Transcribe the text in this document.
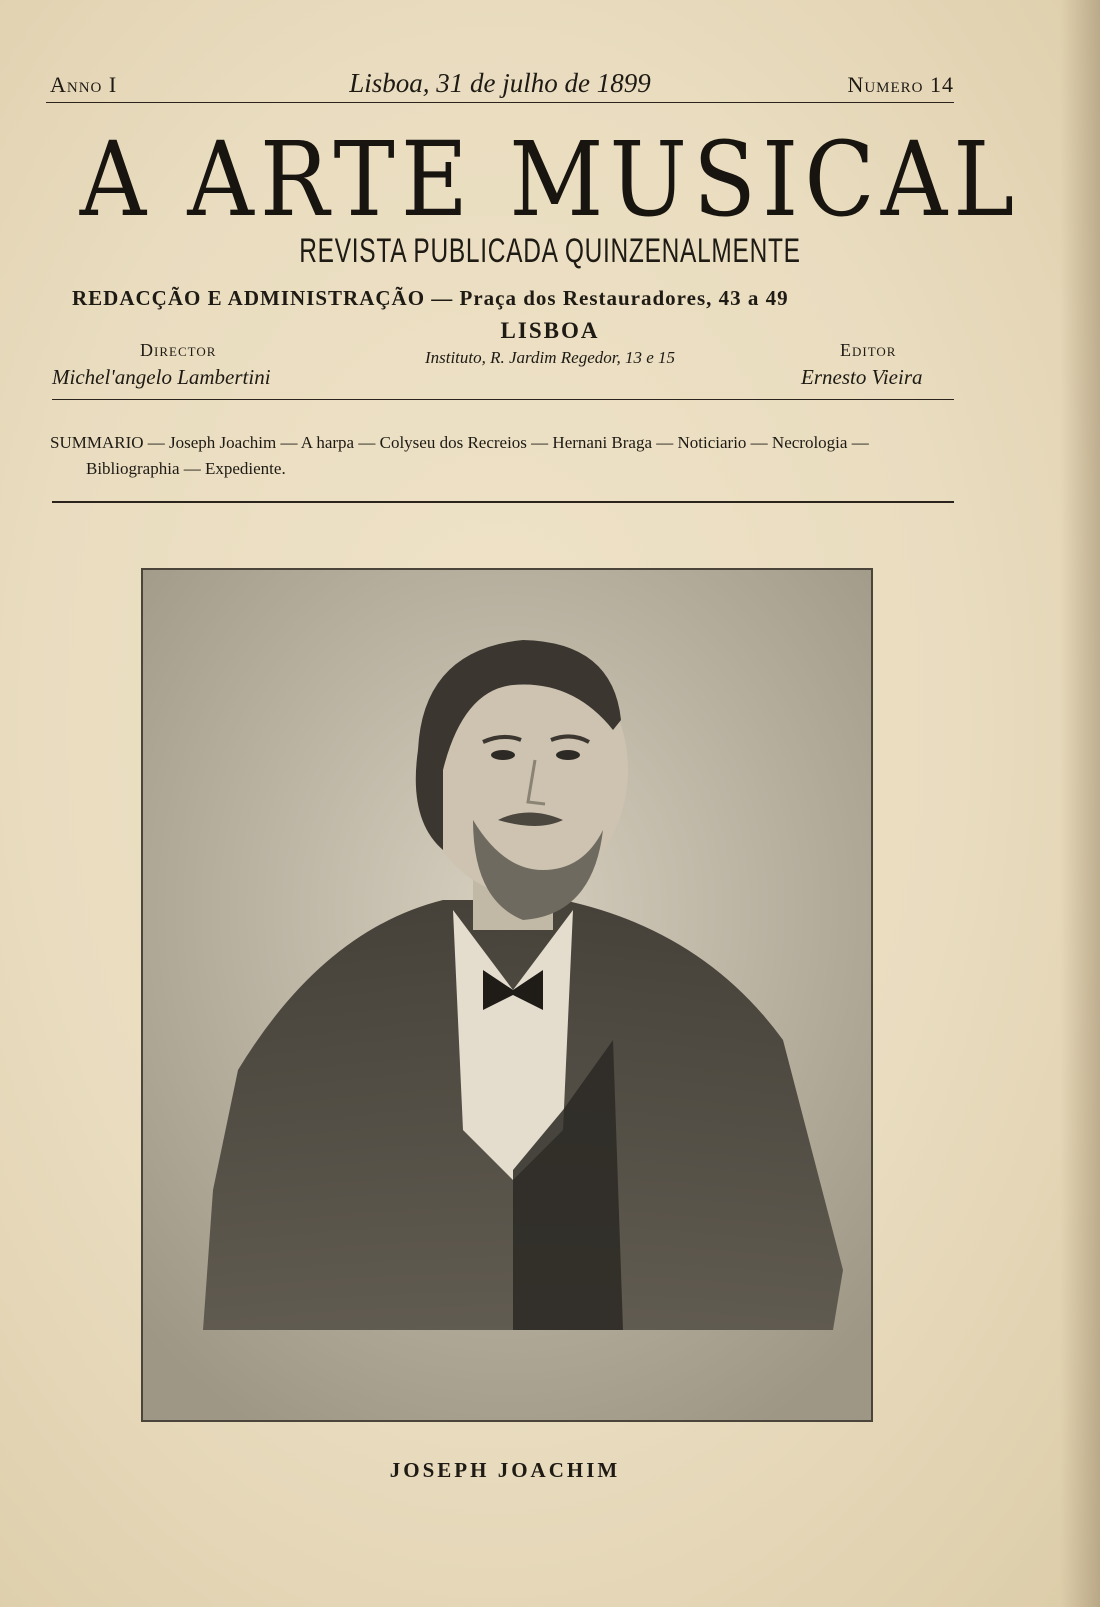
Anno I	Lisboa, 31 de julho de 1899	Numero 14
A ARTE MUSICAL
REVISTA PUBLICADA QUINZENALMENTE
REDACÇÃO E ADMINISTRAÇÃO — Praça dos Restauradores, 43 a 49
LISBOA
Instituto, R. Jardim Regedor, 13 e 15
Director
Michel'angelo Lambertini
Editor
Ernesto Vieira
SUMMARIO — Joseph Joachim — A harpa — Colyseu dos Recreios — Hernani Braga — Noticiario — Necrologia —
Bibliographia — Expediente.
JOSEPH JOACHIM
